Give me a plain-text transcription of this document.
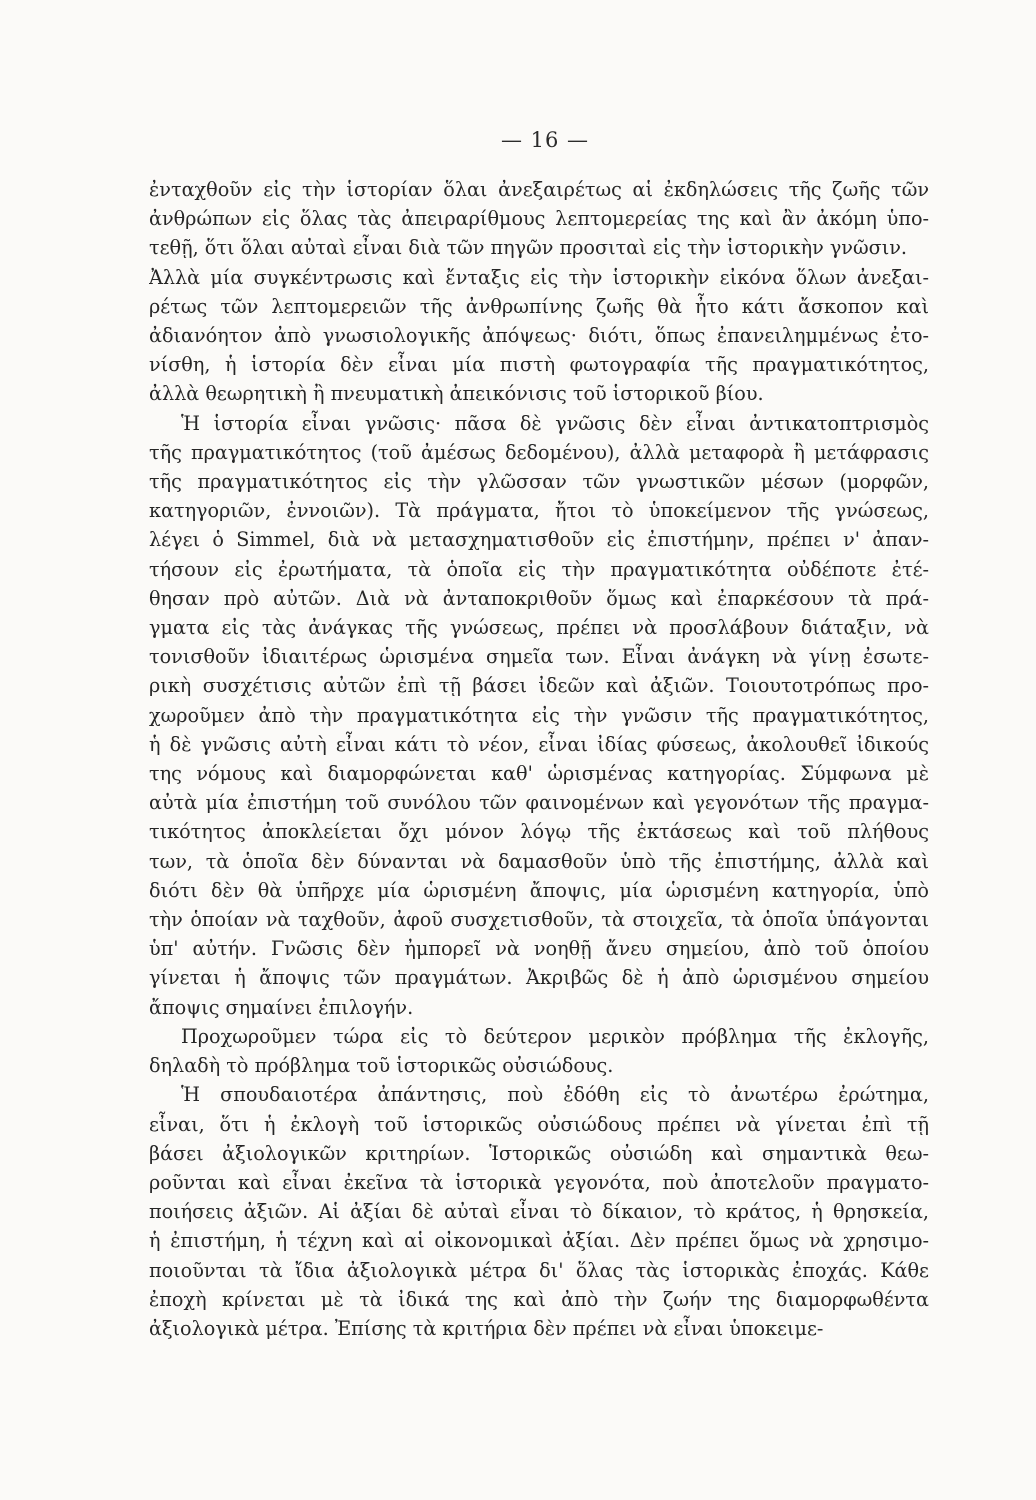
— 16 —

ἐνταχθοῦν εἰς τὴν ἱστορίαν ὅλαι ἀνεξαιρέτως αἱ ἐκδηλώσεις τῆς ζωῆς τῶν
ἀνθρώπων εἰς ὅλας τὰς ἀπειραρίθμους λεπτομερείας της καὶ ἂν ἀκόμη ὑπο-
τεθῇ, ὅτι ὅλαι αὐταὶ εἶναι διὰ τῶν πηγῶν προσιταὶ εἰς τὴν ἱστορικὴν γνῶσιν.

Ἀλλὰ μία συγκέντρωσις καὶ ἔνταξις εἰς τὴν ἱστορικὴν εἰκόνα ὅλων ἀνεξαι-
ρέτως τῶν λεπτομερειῶν τῆς ἀνθρωπίνης ζωῆς θὰ ἦτο κάτι ἄσκοπον καὶ
ἀδιανόητον ἀπὸ γνωσιολογικῆς ἀπόψεως· διότι, ὅπως ἐπανειλημμένως ἐτο-
νίσθη, ἡ ἱστορία δὲν εἶναι μία πιστὴ φωτογραφία τῆς πραγματικότητος,
ἀλλὰ θεωρητικὴ ἢ πνευματικὴ ἀπεικόνισις τοῦ ἱστορικοῦ βίου.

Ἡ ἱστορία εἶναι γνῶσις· πᾶσα δὲ γνῶσις δὲν εἶναι ἀντικατοπτρισμὸς
τῆς πραγματικότητος (τοῦ ἀμέσως δεδομένου), ἀλλὰ μεταφορὰ ἢ μετάφρασις
τῆς πραγματικότητος εἰς τὴν γλῶσσαν τῶν γνωστικῶν μέσων (μορφῶν,
κατηγοριῶν, ἐννοιῶν). Τὰ πράγματα, ἤτοι τὸ ὑποκείμενον τῆς γνώσεως,
λέγει ὁ Simmel, διὰ νὰ μετασχηματισθοῦν εἰς ἐπιστήμην, πρέπει ν' ἀπαν-
τήσουν εἰς ἐρωτήματα, τὰ ὁποῖα εἰς τὴν πραγματικότητα οὐδέποτε ἐτέ-
θησαν πρὸ αὐτῶν. Διὰ νὰ ἀνταποκριθοῦν ὅμως καὶ ἐπαρκέσουν τὰ πρά-
γματα εἰς τὰς ἀνάγκας τῆς γνώσεως, πρέπει νὰ προσλάβουν διάταξιν, νὰ
τονισθοῦν ἰδιαιτέρως ὡρισμένα σημεῖα των. Εἶναι ἀνάγκη νὰ γίνῃ ἐσωτε-
ρικὴ συσχέτισις αὐτῶν ἐπὶ τῇ βάσει ἰδεῶν καὶ ἀξιῶν. Τοιουτοτρόπως προ-
χωροῦμεν ἀπὸ τὴν πραγματικότητα εἰς τὴν γνῶσιν τῆς πραγματικότητος,
ἡ δὲ γνῶσις αὐτὴ εἶναι κάτι τὸ νέον, εἶναι ἰδίας φύσεως, ἀκολουθεῖ ἰδικούς
της νόμους καὶ διαμορφώνεται καθ' ὡρισμένας κατηγορίας. Σύμφωνα μὲ
αὐτὰ μία ἐπιστήμη τοῦ συνόλου τῶν φαινομένων καὶ γεγονότων τῆς πραγμα-
τικότητος ἀποκλείεται ὄχι μόνον λόγῳ τῆς ἐκτάσεως καὶ τοῦ πλήθους
των, τὰ ὁποῖα δὲν δύνανται νὰ δαμασθοῦν ὑπὸ τῆς ἐπιστήμης, ἀλλὰ καὶ
διότι δὲν θὰ ὑπῆρχε μία ὡρισμένη ἄποψις, μία ὡρισμένη κατηγορία, ὑπὸ
τὴν ὁποίαν νὰ ταχθοῦν, ἀφοῦ συσχετισθοῦν, τὰ στοιχεῖα, τὰ ὁποῖα ὑπάγονται
ὑπ' αὐτήν. Γνῶσις δὲν ἠμπορεῖ νὰ νοηθῇ ἄνευ σημείου, ἀπὸ τοῦ ὁποίου
γίνεται ἡ ἄποψις τῶν πραγμάτων. Ἀκριβῶς δὲ ἡ ἀπὸ ὡρισμένου σημείου
ἄποψις σημαίνει ἐπιλογήν.

Προχωροῦμεν τώρα εἰς τὸ δεύτερον μερικὸν πρόβλημα τῆς ἐκλογῆς,
δηλαδὴ τὸ πρόβλημα τοῦ ἱστορικῶς οὐσιώδους.

Ἡ σπουδαιοτέρα ἀπάντησις, ποὺ ἐδόθη εἰς τὸ ἀνωτέρω ἐρώτημα,
εἶναι, ὅτι ἡ ἐκλογὴ τοῦ ἱστορικῶς οὐσιώδους πρέπει νὰ γίνεται ἐπὶ τῇ
βάσει ἀξιολογικῶν κριτηρίων. Ἱστορικῶς οὐσιώδη καὶ σημαντικὰ θεω-
ροῦνται καὶ εἶναι ἐκεῖνα τὰ ἱστορικὰ γεγονότα, ποὺ ἀποτελοῦν πραγματο-
ποιήσεις ἀξιῶν. Αἱ ἀξίαι δὲ αὐταὶ εἶναι τὸ δίκαιον, τὸ κράτος, ἡ θρησκεία,
ἡ ἐπιστήμη, ἡ τέχνη καὶ αἱ οἰκονομικαὶ ἀξίαι. Δὲν πρέπει ὅμως νὰ χρησιμο-
ποιοῦνται τὰ ἴδια ἀξιολογικὰ μέτρα δι' ὅλας τὰς ἱστορικὰς ἐποχάς. Κάθε
ἐποχὴ κρίνεται μὲ τὰ ἰδικά της καὶ ἀπὸ τὴν ζωήν της διαμορφωθέντα
ἀξιολογικὰ μέτρα. Ἐπίσης τὰ κριτήρια δὲν πρέπει νὰ εἶναι ὑποκειμε-
